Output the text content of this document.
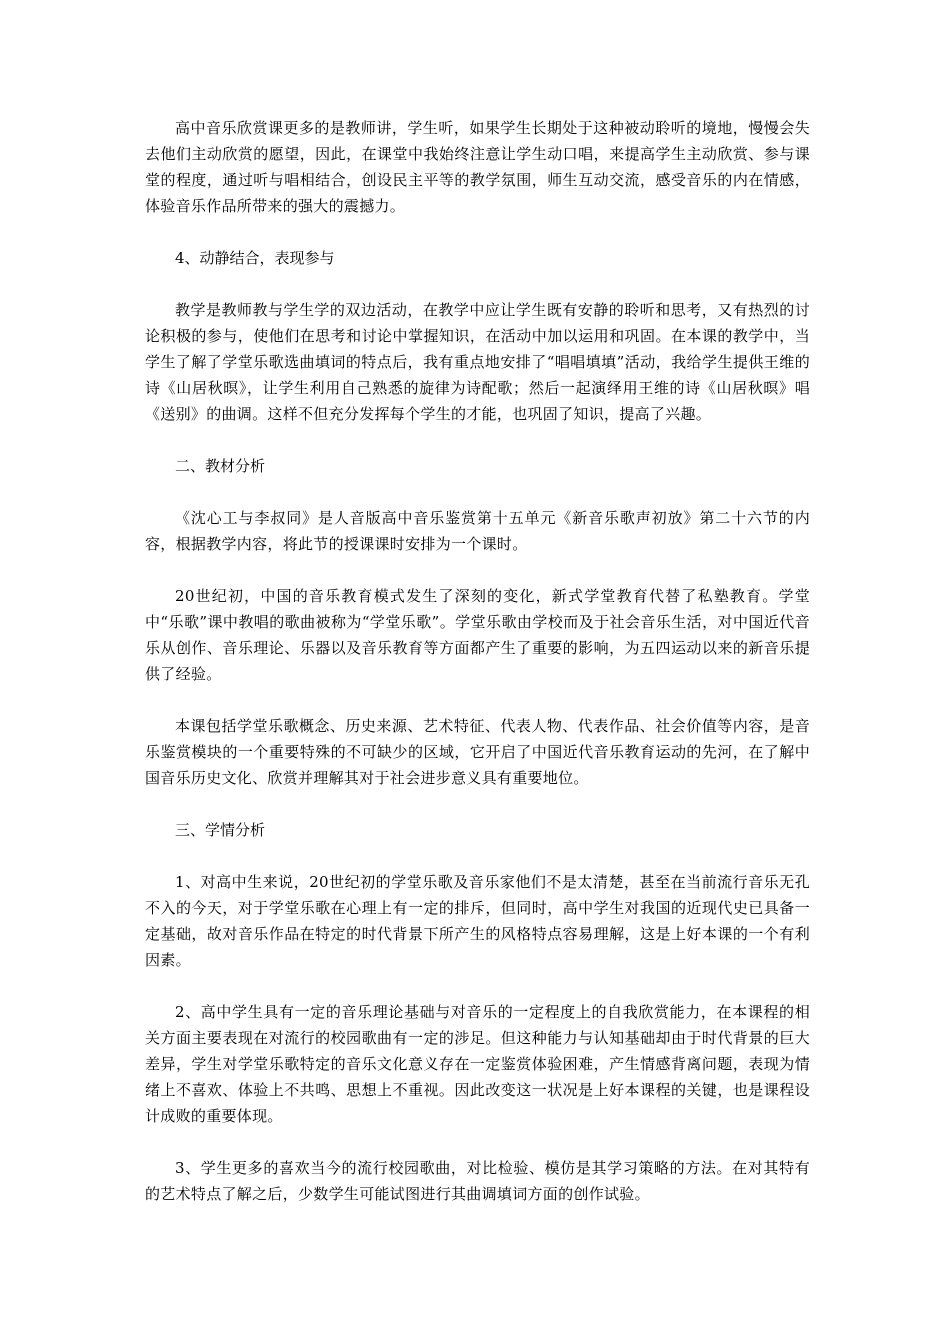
高中音乐欣赏课更多的是教师讲，学生听，如果学生长期处于这种被动聆听的境地，慢慢会失去他们主动欣赏的愿望，因此，在课堂中我始终注意让学生动口唱，来提高学生主动欣赏、参与课堂的程度，通过听与唱相结合，创设民主平等的教学氛围，师生互动交流，感受音乐的内在情感，体验音乐作品所带来的强大的震撼力。

4、动静结合，表现参与

教学是教师教与学生学的双边活动，在教学中应让学生既有安静的聆听和思考，又有热烈的讨论积极的参与，使他们在思考和讨论中掌握知识，在活动中加以运用和巩固。在本课的教学中，当学生了解了学堂乐歌选曲填词的特点后，我有重点地安排了“唱唱填填”活动，我给学生提供王维的诗《山居秋暝》，让学生利用自己熟悉的旋律为诗配歌；然后一起演绎用王维的诗《山居秋暝》唱《送别》的曲调。这样不但充分发挥每个学生的才能，也巩固了知识，提高了兴趣。

二、教材分析

《沈心工与李叔同》是人音版高中音乐鉴赏第十五单元《新音乐歌声初放》第二十六节的内容，根据教学内容，将此节的授课课时安排为一个课时。

20世纪初，中国的音乐教育模式发生了深刻的变化，新式学堂教育代替了私塾教育。学堂中“乐歌”课中教唱的歌曲被称为“学堂乐歌”。学堂乐歌由学校而及于社会音乐生活，对中国近代音乐从创作、音乐理论、乐器以及音乐教育等方面都产生了重要的影响，为五四运动以来的新音乐提供了经验。

本课包括学堂乐歌概念、历史来源、艺术特征、代表人物、代表作品、社会价值等内容，是音乐鉴赏模块的一个重要特殊的不可缺少的区域，它开启了中国近代音乐教育运动的先河，在了解中国音乐历史文化、欣赏并理解其对于社会进步意义具有重要地位。

三、学情分析

1、对高中生来说，20世纪初的学堂乐歌及音乐家他们不是太清楚，甚至在当前流行音乐无孔不入的今天，对于学堂乐歌在心理上有一定的排斥，但同时，高中学生对我国的近现代史已具备一定基础，故对音乐作品在特定的时代背景下所产生的风格特点容易理解，这是上好本课的一个有利因素。

2、高中学生具有一定的音乐理论基础与对音乐的一定程度上的自我欣赏能力，在本课程的相关方面主要表现在对流行的校园歌曲有一定的涉足。但这种能力与认知基础却由于时代背景的巨大差异，学生对学堂乐歌特定的音乐文化意义存在一定鉴赏体验困难，产生情感背离问题，表现为情绪上不喜欢、体验上不共鸣、思想上不重视。因此改变这一状况是上好本课程的关键，也是课程设计成败的重要体现。

3、学生更多的喜欢当今的流行校园歌曲，对比检验、模仿是其学习策略的方法。在对其特有的艺术特点了解之后，少数学生可能试图进行其曲调填词方面的创作试验。
